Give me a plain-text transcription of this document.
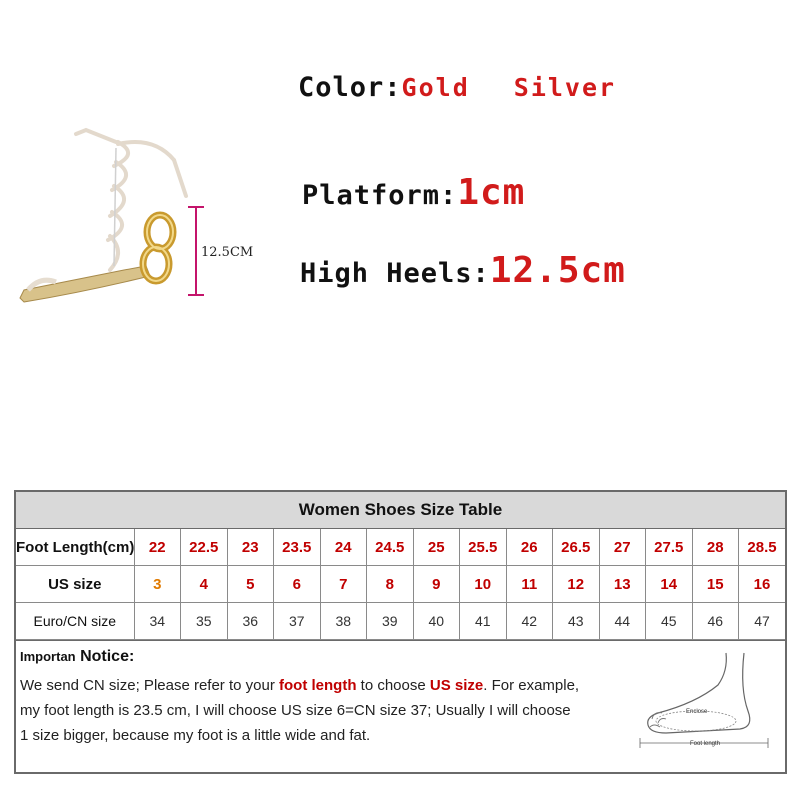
12.5CM
Color:Gold Silver
Platform:1cm
High Heels:12.5cm
Women Shoes Size Table
Foot Length(cm)	22	22.5	23	23.5	24	24.5	25	25.5	26	26.5	27	27.5	28	28.5
US size	3	4	5	6	7	8	9	10	11	12	13	14	15	16
Euro/CN size	34	35	36	37	38	39	40	41	42	43	44	45	46	47
Importan Notice:
We send CN size; Please refer to your foot length to choose US size. For example,
my foot length is 23.5 cm, I will choose US size 6=CN size 37; Usually I will choose
1 size bigger, because my foot is a little wide and fat.
Enclose
Foot length
